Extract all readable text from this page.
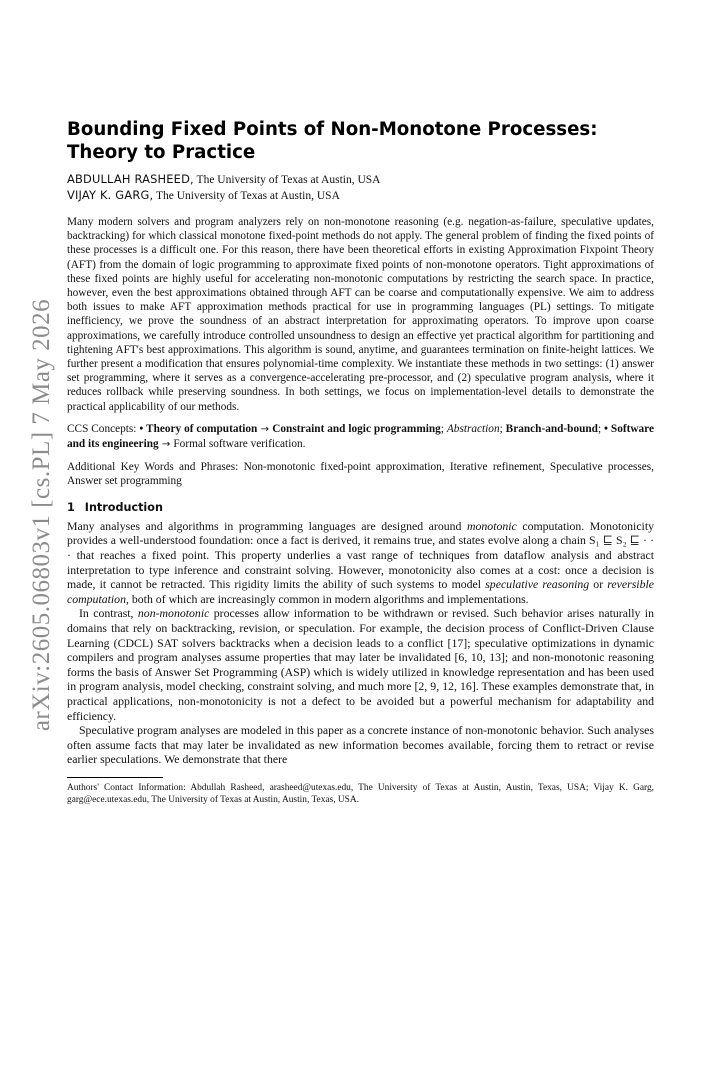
arXiv:2605.06803v1 [cs.PL] 7 May 2026
Bounding Fixed Points of Non-Monotone Processes: Theory to Practice
ABDULLAH RASHEED, The University of Texas at Austin, USA
VIJAY K. GARG, The University of Texas at Austin, USA

Many modern solvers and program analyzers rely on non-monotone reasoning (e.g. negation-as-failure, speculative updates, backtracking) for which classical monotone fixed-point methods do not apply. The general problem of finding the fixed points of these processes is a difficult one. For this reason, there have been theoretical efforts in existing Approximation Fixpoint Theory (AFT) from the domain of logic programming to approximate fixed points of non-monotone operators. Tight approximations of these fixed points are highly useful for accelerating non-monotonic computations by restricting the search space. In practice, however, even the best approximations obtained through AFT can be coarse and computationally expensive. We aim to address both issues to make AFT approximation methods practical for use in programming languages (PL) settings. To mitigate inefficiency, we prove the soundness of an abstract interpretation for approximating operators. To improve upon coarse approximations, we carefully introduce controlled unsoundness to design an effective yet practical algorithm for partitioning and tightening AFT's best approximations. This algorithm is sound, anytime, and guarantees termination on finite-height lattices. We further present a modification that ensures polynomial-time complexity. We instantiate these methods in two settings: (1) answer set programming, where it serves as a convergence-accelerating pre-processor, and (2) speculative program analysis, where it reduces rollback while preserving soundness. In both settings, we focus on implementation-level details to demonstrate the practical applicability of our methods.

CCS Concepts: • Theory of computation → Constraint and logic programming; Abstraction; Branch-and-bound; • Software and its engineering → Formal software verification.

Additional Key Words and Phrases: Non-monotonic fixed-point approximation, Iterative refinement, Speculative processes, Answer set programming

1 Introduction

Many analyses and algorithms in programming languages are designed around monotonic computation. Monotonicity provides a well-understood foundation: once a fact is derived, it remains true, and states evolve along a chain S₁ ⊑ S₂ ⊑ · · · that reaches a fixed point. This property underlies a vast range of techniques from dataflow analysis and abstract interpretation to type inference and constraint solving. However, monotonicity also comes at a cost: once a decision is made, it cannot be retracted. This rigidity limits the ability of such systems to model speculative reasoning or reversible computation, both of which are increasingly common in modern algorithms and implementations.

In contrast, non-monotonic processes allow information to be withdrawn or revised. Such behavior arises naturally in domains that rely on backtracking, revision, or speculation. For example, the decision process of Conflict-Driven Clause Learning (CDCL) SAT solvers backtracks when a decision leads to a conflict [17]; speculative optimizations in dynamic compilers and program analyses assume properties that may later be invalidated [6, 10, 13]; and non-monotonic reasoning forms the basis of Answer Set Programming (ASP) which is widely utilized in knowledge representation and has been used in program analysis, model checking, constraint solving, and much more [2, 9, 12, 16]. These examples demonstrate that, in practical applications, non-monotonicity is not a defect to be avoided but a powerful mechanism for adaptability and efficiency.

Speculative program analyses are modeled in this paper as a concrete instance of non-monotonic behavior. Such analyses often assume facts that may later be invalidated as new information becomes available, forcing them to retract or revise earlier speculations. We demonstrate that there

Authors' Contact Information: Abdullah Rasheed, arasheed@utexas.edu, The University of Texas at Austin, Austin, Texas, USA; Vijay K. Garg, garg@ece.utexas.edu, The University of Texas at Austin, Austin, Texas, USA.
